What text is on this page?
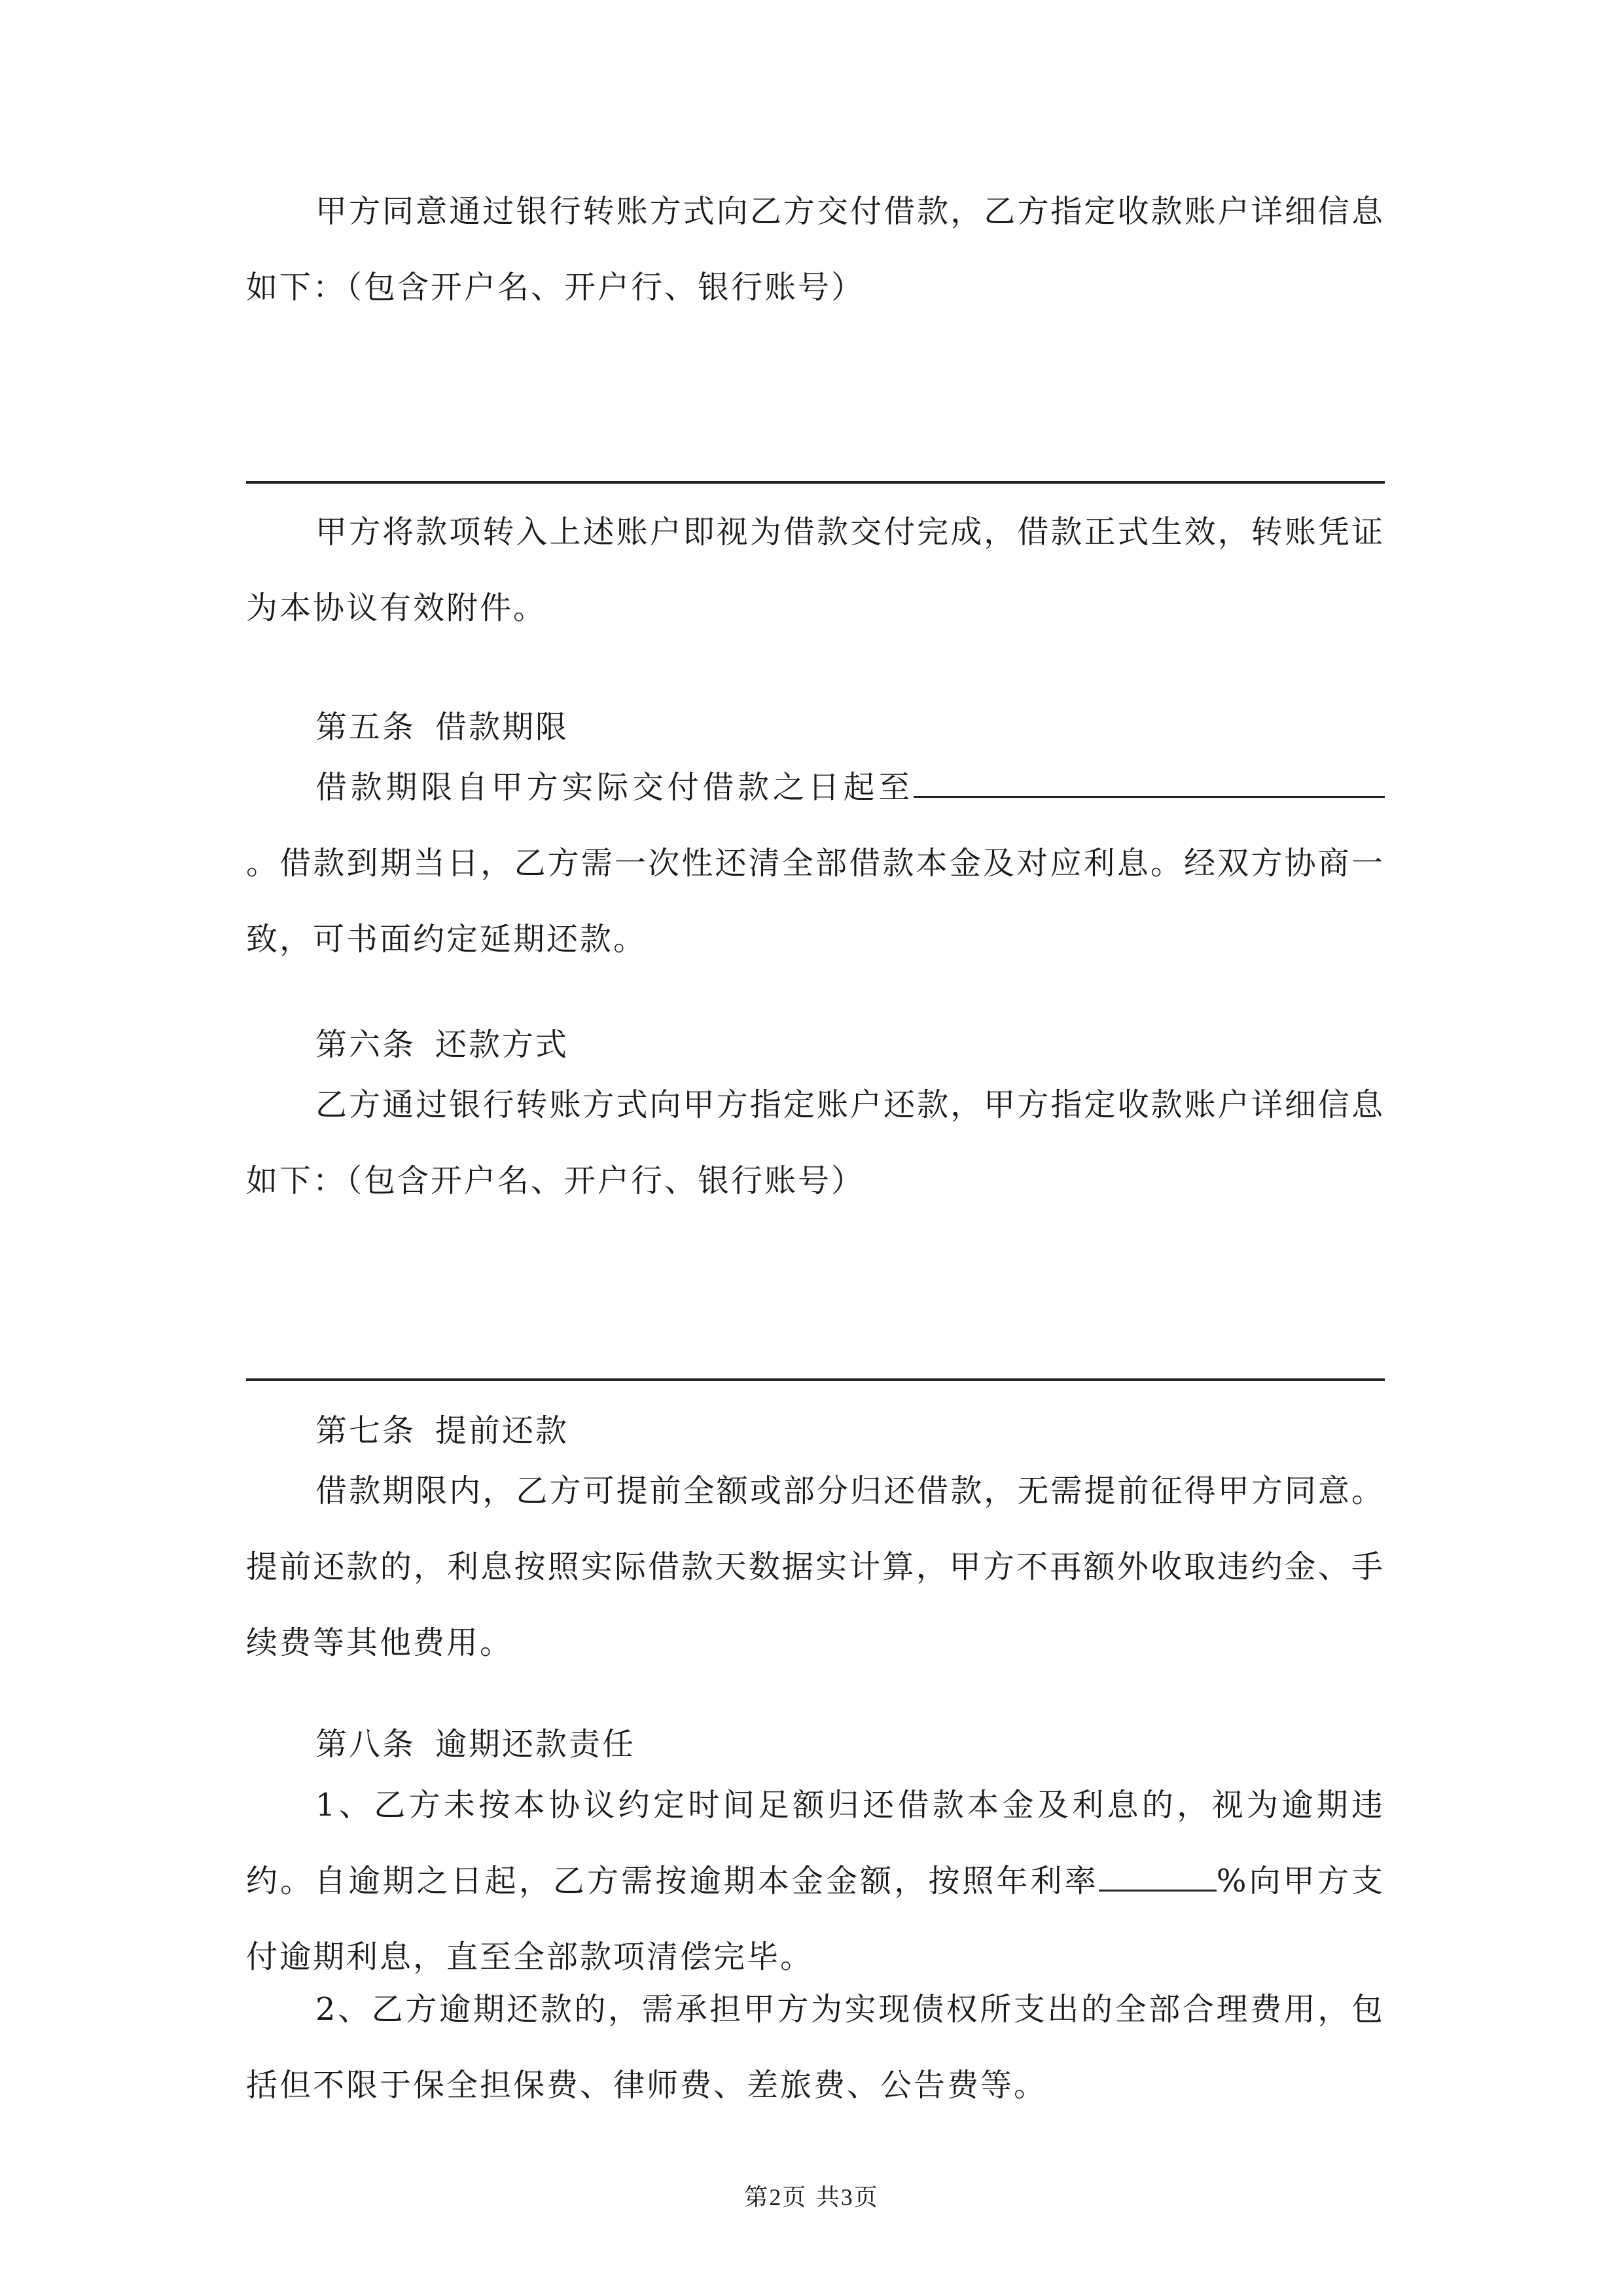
甲方同意通过银行转账方式向乙方交付借款，乙方指定收款账户详细信息如下：（包含开户名、开户行、银行账号）

甲方将款项转入上述账户即视为借款交付完成，借款正式生效，转账凭证为本协议有效附件。

第五条 借款期限

借款期限自甲方实际交付借款之日起至。借款到期当日，乙方需一次性还清全部借款本金及对应利息。经双方协商一致，可书面约定延期还款。

第六条 还款方式

乙方通过银行转账方式向甲方指定账户还款，甲方指定收款账户详细信息如下：（包含开户名、开户行、银行账号）

第七条 提前还款

借款期限内，乙方可提前全额或部分归还借款，无需提前征得甲方同意。提前还款的，利息按照实际借款天数据实计算，甲方不再额外收取违约金、手续费等其他费用。

第八条 逾期还款责任

1、乙方未按本协议约定时间足额归还借款本金及利息的，视为逾期违约。自逾期之日起，乙方需按逾期本金金额，按照年利率	%向甲方支付逾期利息，直至全部款项清偿完毕。

2、乙方逾期还款的，需承担甲方为实现债权所支出的全部合理费用，包括但不限于保全担保费、律师费、差旅费、公告费等。

第2页 共3页
